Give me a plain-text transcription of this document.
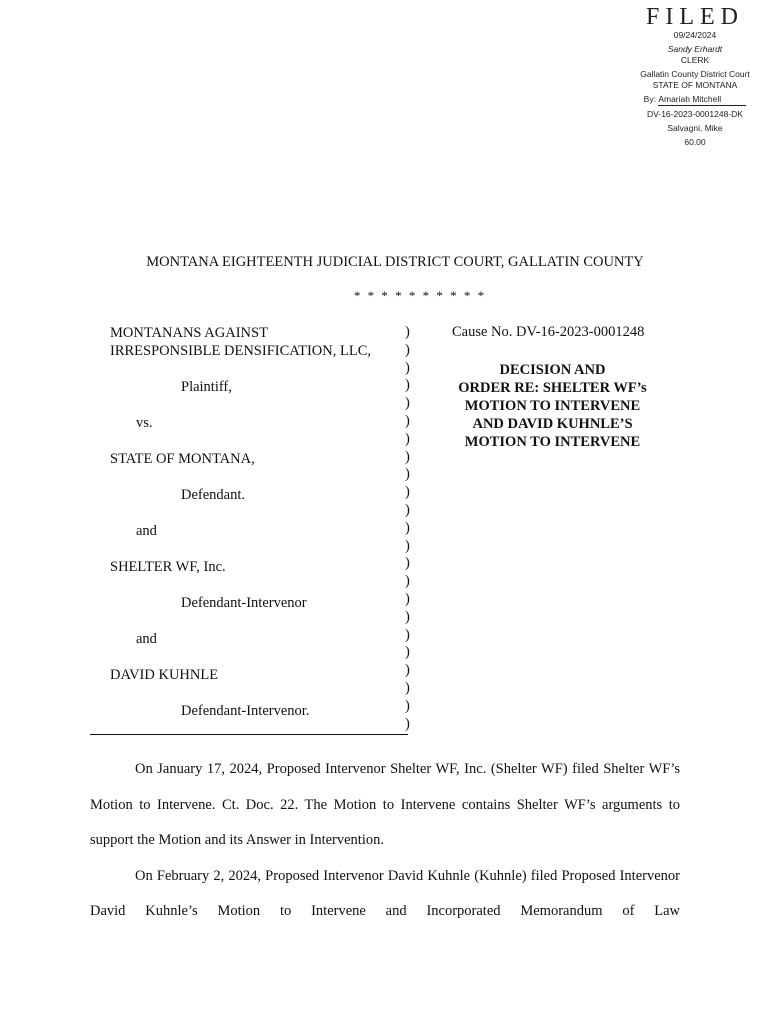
FILED
09/24/2024
Sandy Erhardt
CLERK
Gallatin County District Court
STATE OF MONTANA
By: Amariah Mitchell
DV-16-2023-0001248-DK
Salvagni, Mike
60.00
MONTANA EIGHTEENTH JUDICIAL DISTRICT COURT, GALLATIN COUNTY
* * * * * * * * * *
MONTANANS AGAINST
IRRESPONSIBLE DENSIFICATION, LLC,
Plaintiff,
vs.
STATE OF MONTANA,
Defendant.
and
SHELTER WF, Inc.
Defendant-Intervenor
and
DAVID KUHNLE
Defendant-Intervenor.
)
)
)
)
)
)
)
)
)
)
)
)
)
)
)
)
)
)
)
)
)
)
)
Cause No. DV-16-2023-0001248
DECISION AND
ORDER RE: SHELTER WF’s
MOTION TO INTERVENE
AND DAVID KUHNLE’S
MOTION TO INTERVENE

On January 17, 2024, Proposed Intervenor Shelter WF, Inc. (Shelter WF) filed Shelter WF’s Motion to Intervene. Ct. Doc. 22. The Motion to Intervene contains Shelter WF’s arguments to support the Motion and its Answer in Intervention.

On February 2, 2024, Proposed Intervenor David Kuhnle (Kuhnle) filed Proposed Intervenor David Kuhnle’s Motion to Intervene and Incorporated Memorandum of Law
